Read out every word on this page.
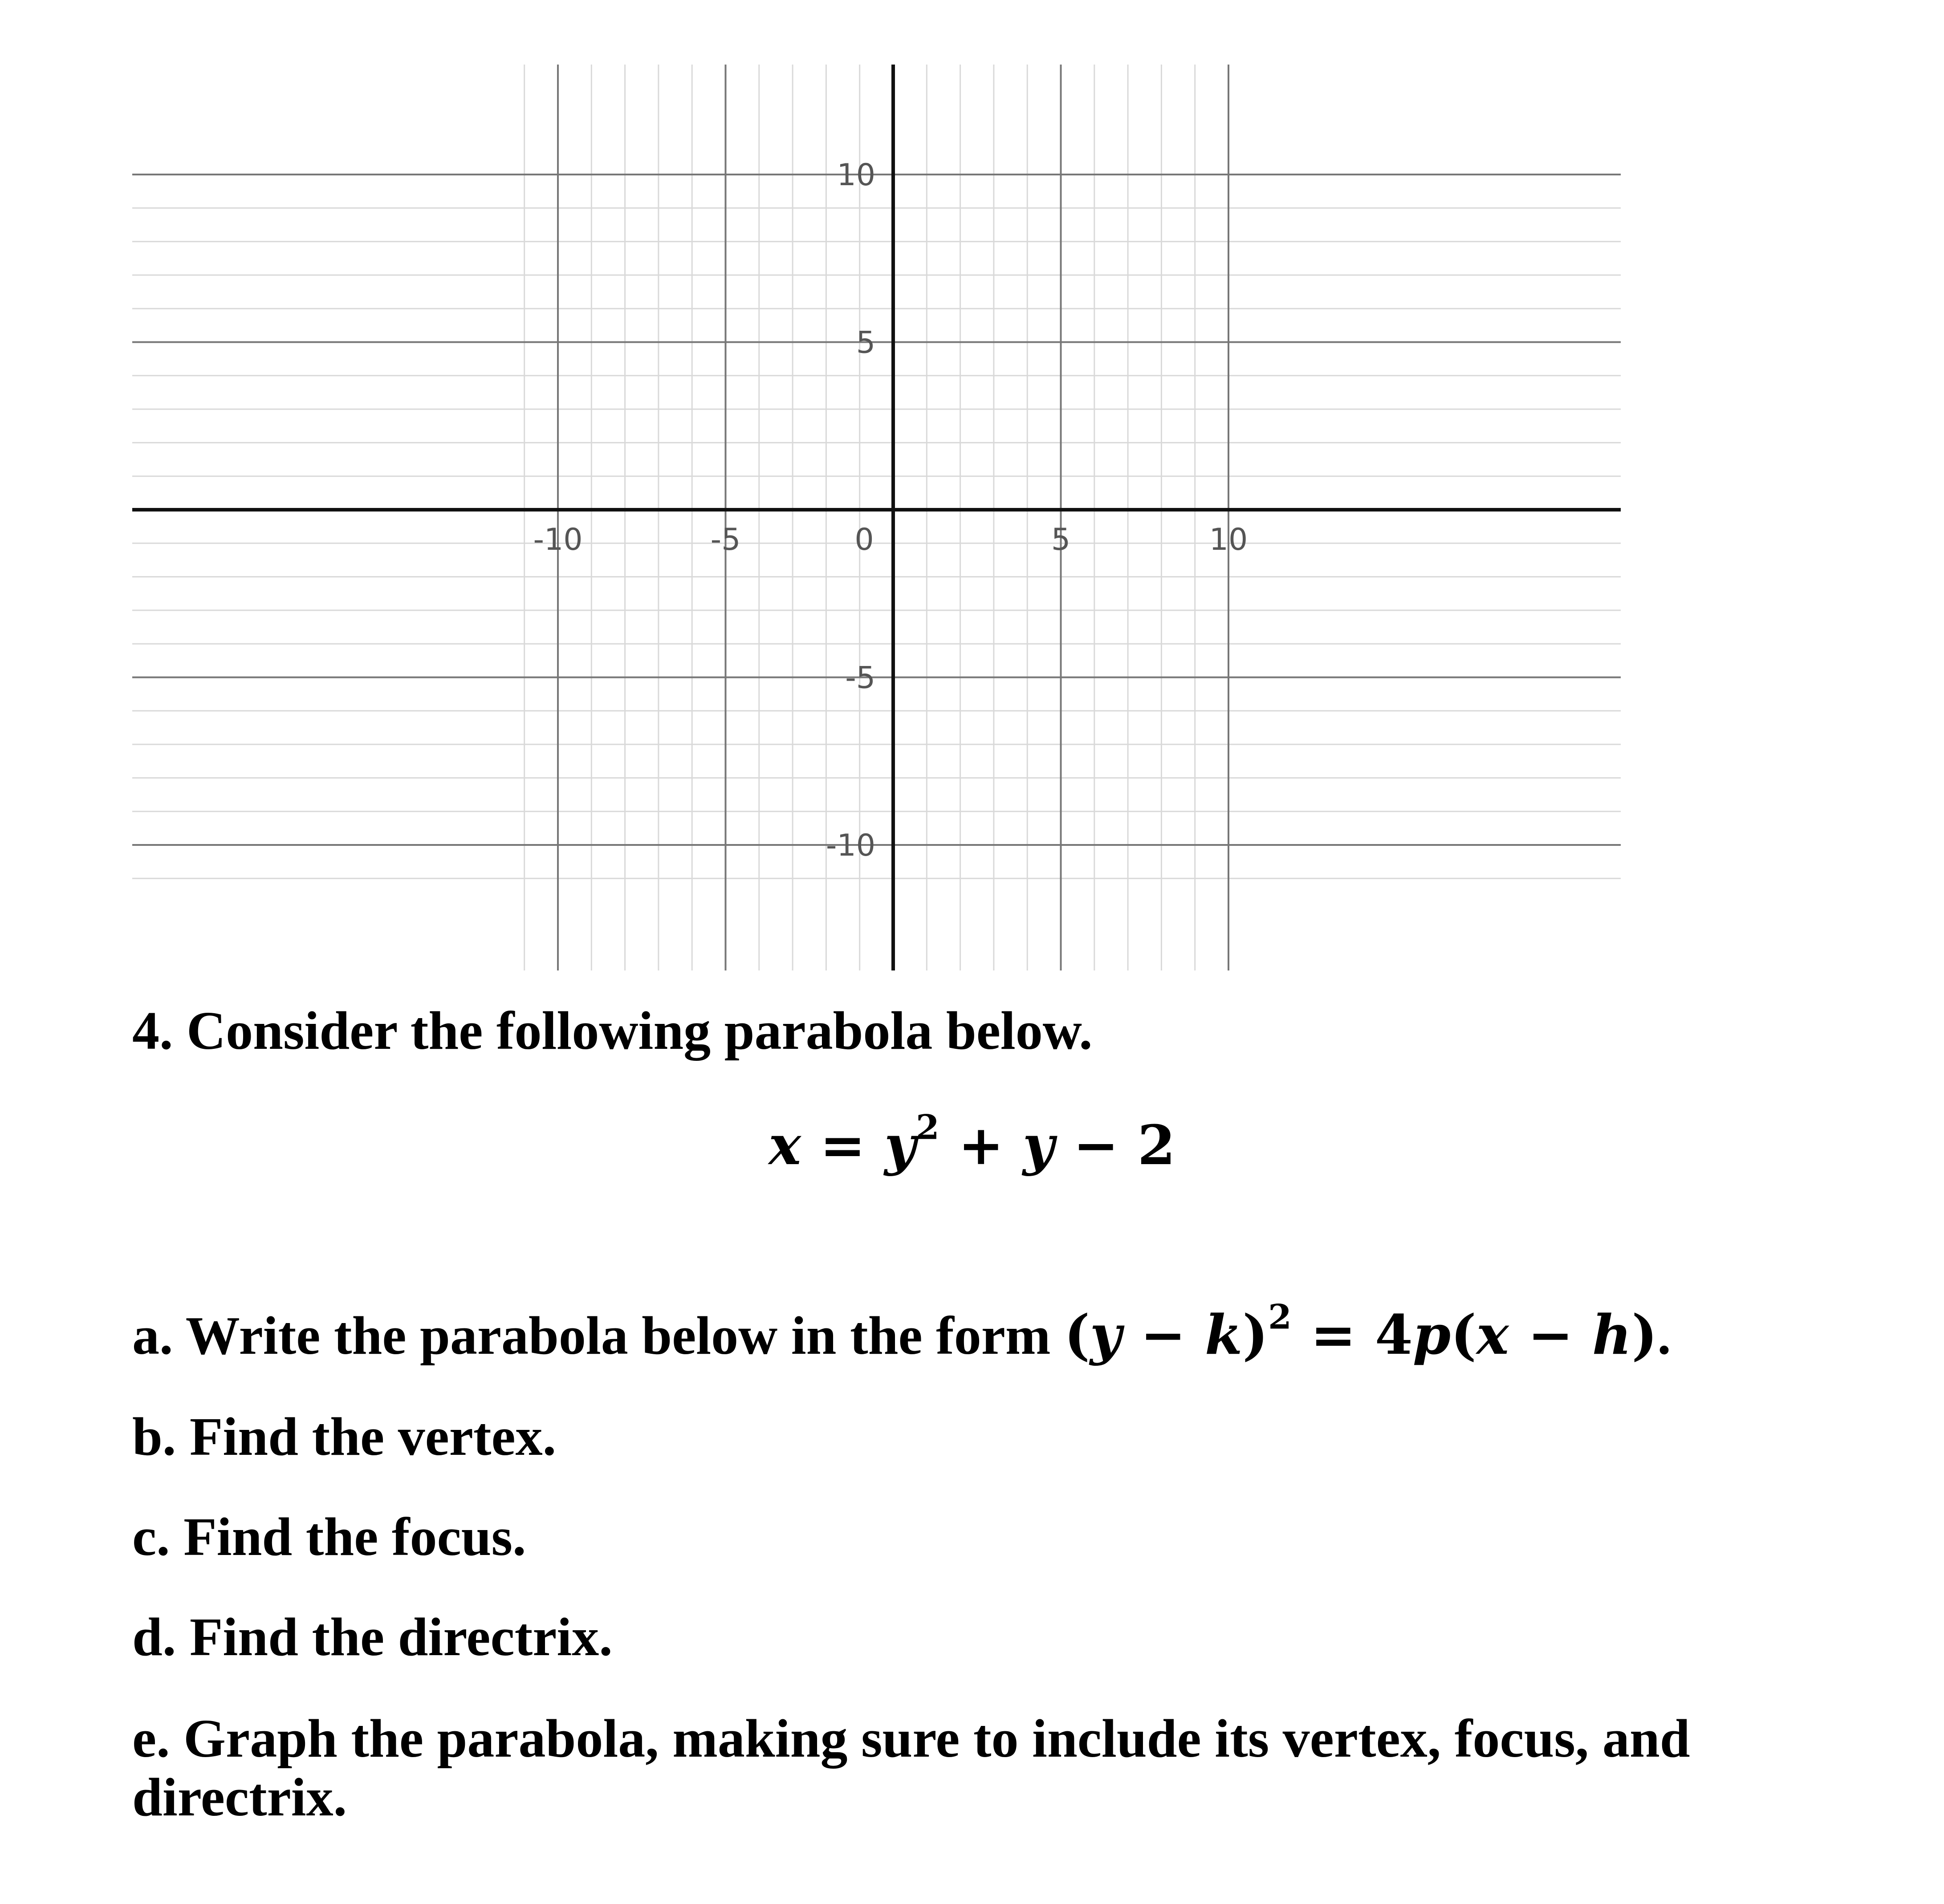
-10	-5	0	5	10
10
5
-5
-10
4. Consider the following parabola below.
$x = y^2 + y - 2$
a. Write the parabola below in the form $(y - k)^2 = 4p(x - h)$.
b. Find the vertex.
c. Find the focus.
d. Find the directrix.
e. Graph the parabola, making sure to include its vertex, focus, and directrix.
